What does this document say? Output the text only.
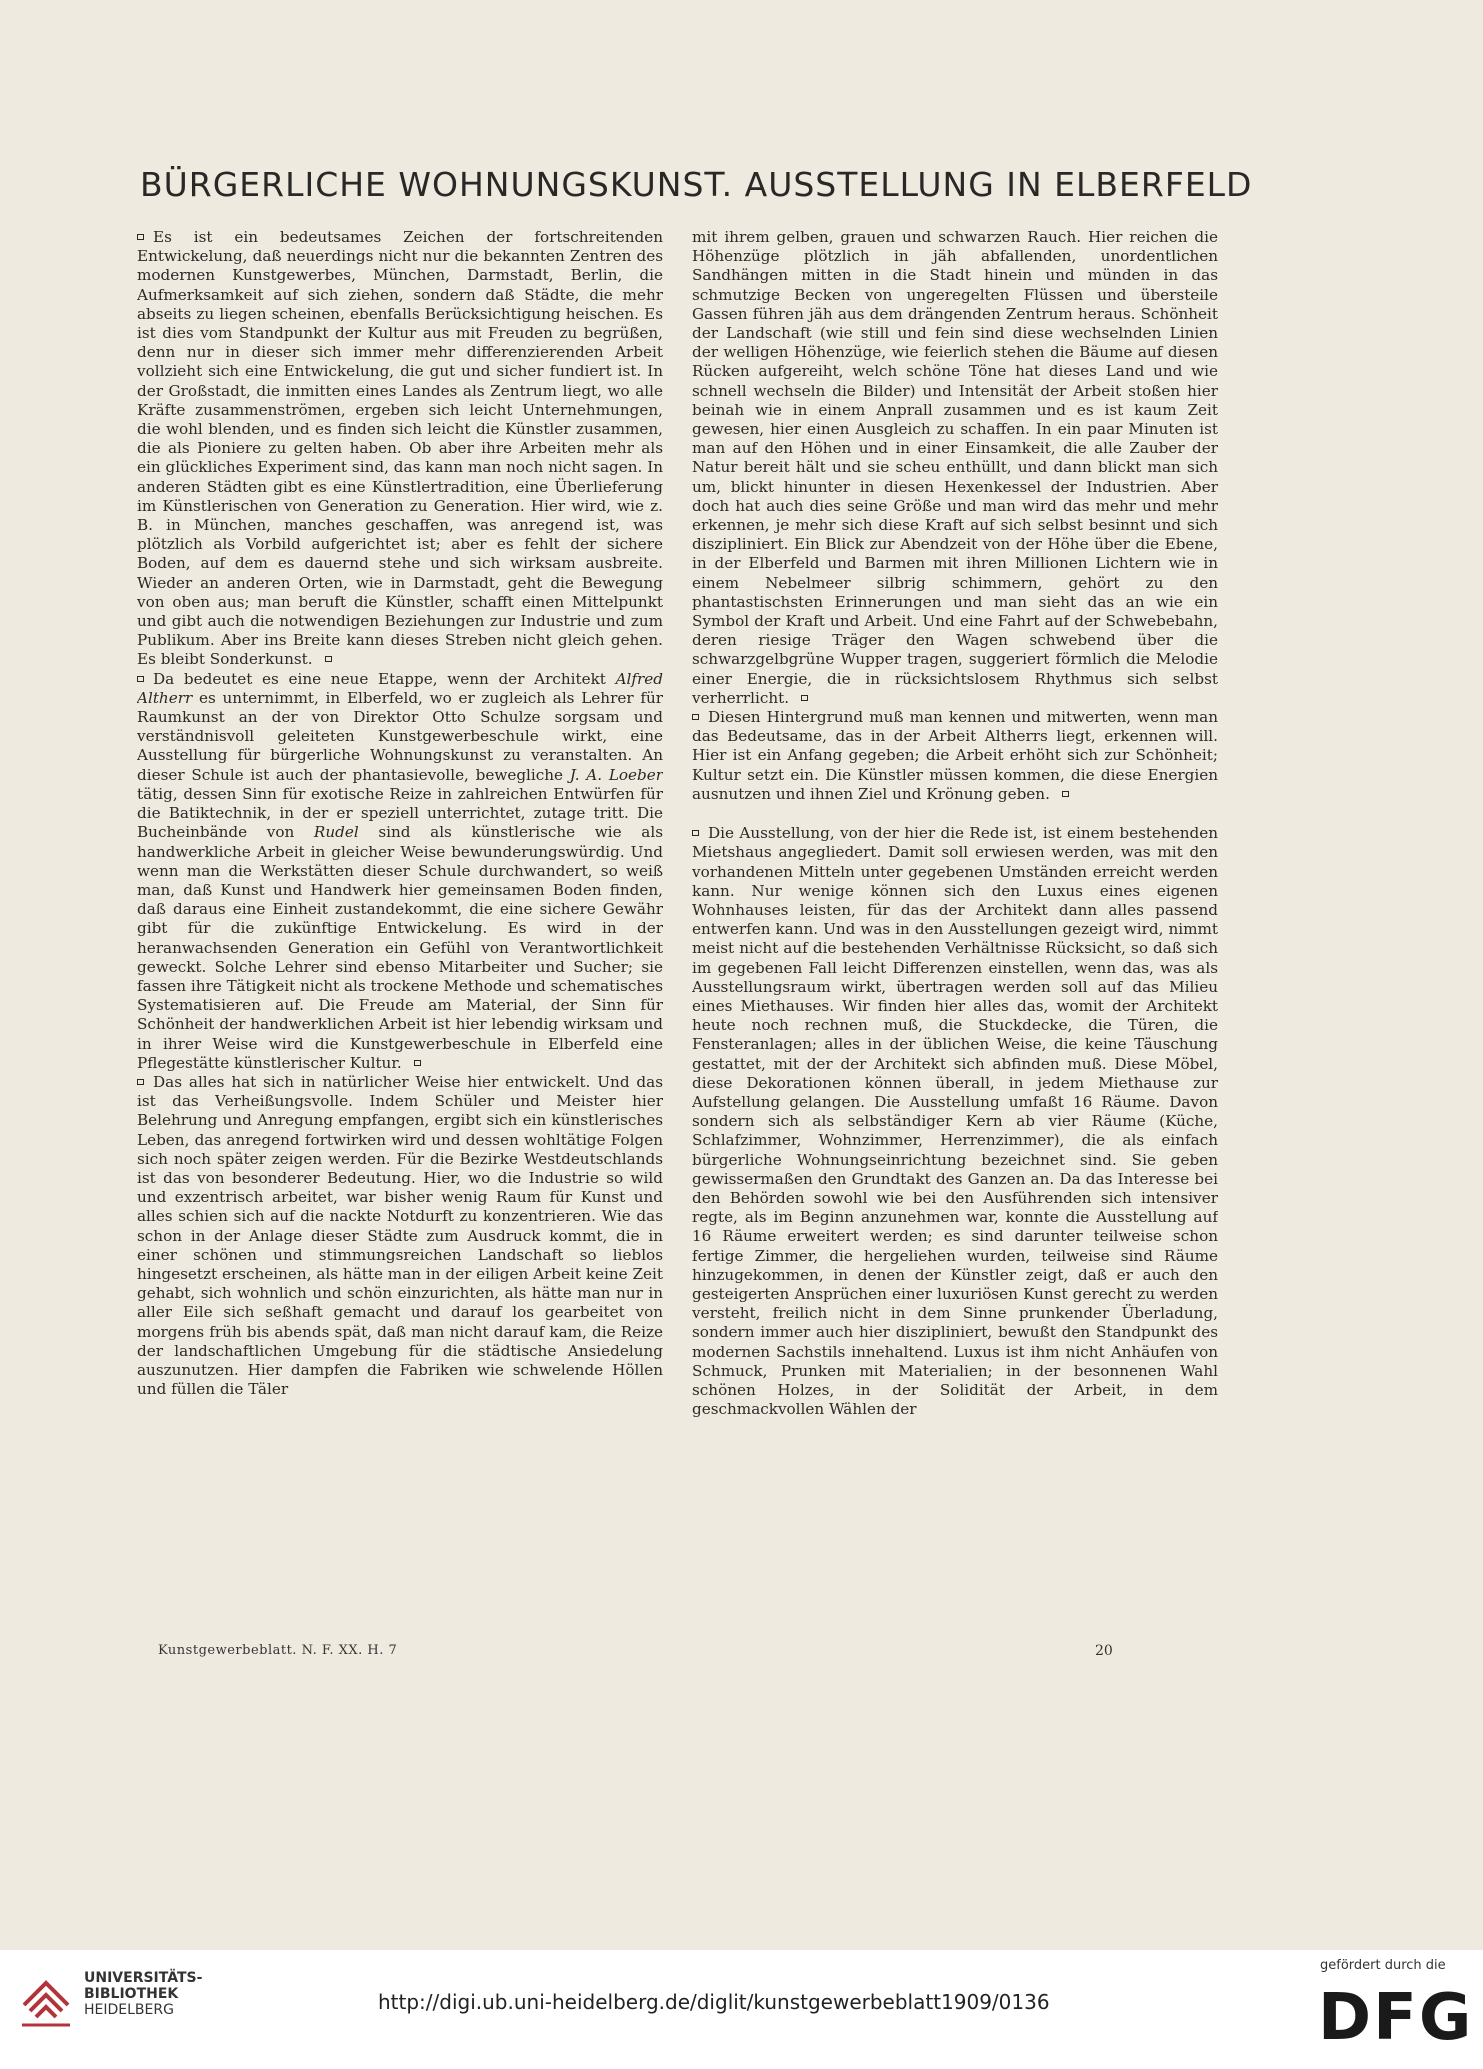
BÜRGERLICHE WOHNUNGSKUNST. AUSSTELLUNG IN ELBERFELD

Es ist ein bedeutsames Zeichen der fortschreitenden Entwickelung, daß neuerdings nicht nur die bekannten Zentren des modernen Kunstgewerbes, München, Darmstadt, Berlin, die Aufmerksamkeit auf sich ziehen, sondern daß Städte, die mehr abseits zu liegen scheinen, ebenfalls Berücksichtigung heischen. Es ist dies vom Standpunkt der Kultur aus mit Freuden zu begrüßen, denn nur in dieser sich immer mehr differenzierenden Arbeit vollzieht sich eine Entwickelung, die gut und sicher fundiert ist. In der Großstadt, die inmitten eines Landes als Zentrum liegt, wo alle Kräfte zusammenströmen, ergeben sich leicht Unternehmungen, die wohl blenden, und es finden sich leicht die Künstler zusammen, die als Pioniere zu gelten haben. Ob aber ihre Arbeiten mehr als ein glückliches Experiment sind, das kann man noch nicht sagen. In anderen Städten gibt es eine Künstlertradition, eine Überlieferung im Künstlerischen von Generation zu Generation. Hier wird, wie z. B. in München, manches geschaffen, was anregend ist, was plötzlich als Vorbild aufgerichtet ist; aber es fehlt der sichere Boden, auf dem es dauernd stehe und sich wirksam ausbreite. Wieder an anderen Orten, wie in Darmstadt, geht die Bewegung von oben aus; man beruft die Künstler, schafft einen Mittelpunkt und gibt auch die notwendigen Beziehungen zur Industrie und zum Publikum. Aber ins Breite kann dieses Streben nicht gleich gehen. Es bleibt Sonderkunst.

Da bedeutet es eine neue Etappe, wenn der Architekt Alfred Altherr es unternimmt, in Elberfeld, wo er zugleich als Lehrer für Raumkunst an der von Direktor Otto Schulze sorgsam und verständnisvoll geleiteten Kunstgewerbeschule wirkt, eine Ausstellung für bürgerliche Wohnungskunst zu veranstalten. An dieser Schule ist auch der phantasievolle, bewegliche J. A. Loeber tätig, dessen Sinn für exotische Reize in zahlreichen Entwürfen für die Batiktechnik, in der er speziell unterrichtet, zutage tritt. Die Bucheinbände von Rudel sind als künstlerische wie als handwerkliche Arbeit in gleicher Weise bewunderungswürdig. Und wenn man die Werkstätten dieser Schule durchwandert, so weiß man, daß Kunst und Handwerk hier gemeinsamen Boden finden, daß daraus eine Einheit zustandekommt, die eine sichere Gewähr gibt für die zukünftige Entwickelung. Es wird in der heranwachsenden Generation ein Gefühl von Verantwortlichkeit geweckt. Solche Lehrer sind ebenso Mitarbeiter und Sucher; sie fassen ihre Tätigkeit nicht als trockene Methode und schematisches Systematisieren auf. Die Freude am Material, der Sinn für Schönheit der handwerklichen Arbeit ist hier lebendig wirksam und in ihrer Weise wird die Kunstgewerbeschule in Elberfeld eine Pflegestätte künstlerischer Kultur.

Das alles hat sich in natürlicher Weise hier entwickelt. Und das ist das Verheißungsvolle. Indem Schüler und Meister hier Belehrung und Anregung empfangen, ergibt sich ein künstlerisches Leben, das anregend fortwirken wird und dessen wohltätige Folgen sich noch später zeigen werden. Für die Bezirke Westdeutschlands ist das von besonderer Bedeutung. Hier, wo die Industrie so wild und exzentrisch arbeitet, war bisher wenig Raum für Kunst und alles schien sich auf die nackte Notdurft zu konzentrieren. Wie das schon in der Anlage dieser Städte zum Ausdruck kommt, die in einer schönen und stimmungsreichen Landschaft so lieblos hingesetzt erscheinen, als hätte man in der eiligen Arbeit keine Zeit gehabt, sich wohnlich und schön einzurichten, als hätte man nur in aller Eile sich seßhaft gemacht und darauf los gearbeitet von morgens früh bis abends spät, daß man nicht darauf kam, die Reize der landschaftlichen Umgebung für die städtische Ansiedelung auszunutzen. Hier dampfen die Fabriken wie schwelende Höllen und füllen die Täler

mit ihrem gelben, grauen und schwarzen Rauch. Hier reichen die Höhenzüge plötzlich in jäh abfallenden, unordentlichen Sandhängen mitten in die Stadt hinein und münden in das schmutzige Becken von ungeregelten Flüssen und übersteile Gassen führen jäh aus dem drängenden Zentrum heraus. Schönheit der Landschaft (wie still und fein sind diese wechselnden Linien der welligen Höhenzüge, wie feierlich stehen die Bäume auf diesen Rücken aufgereiht, welch schöne Töne hat dieses Land und wie schnell wechseln die Bilder) und Intensität der Arbeit stoßen hier beinah wie in einem Anprall zusammen und es ist kaum Zeit gewesen, hier einen Ausgleich zu schaffen. In ein paar Minuten ist man auf den Höhen und in einer Einsamkeit, die alle Zauber der Natur bereit hält und sie scheu enthüllt, und dann blickt man sich um, blickt hinunter in diesen Hexenkessel der Industrien. Aber doch hat auch dies seine Größe und man wird das mehr und mehr erkennen, je mehr sich diese Kraft auf sich selbst besinnt und sich diszipliniert. Ein Blick zur Abendzeit von der Höhe über die Ebene, in der Elberfeld und Barmen mit ihren Millionen Lichtern wie in einem Nebelmeer silbrig schimmern, gehört zu den phantastischsten Erinnerungen und man sieht das an wie ein Symbol der Kraft und Arbeit. Und eine Fahrt auf der Schwebebahn, deren riesige Träger den Wagen schwebend über die schwarzgelbgrüne Wupper tragen, suggeriert förmlich die Melodie einer Energie, die in rücksichtslosem Rhythmus sich selbst verherrlicht.

Diesen Hintergrund muß man kennen und mitwerten, wenn man das Bedeutsame, das in der Arbeit Altherrs liegt, erkennen will. Hier ist ein Anfang gegeben; die Arbeit erhöht sich zur Schönheit; Kultur setzt ein. Die Künstler müssen kommen, die diese Energien ausnutzen und ihnen Ziel und Krönung geben.

Die Ausstellung, von der hier die Rede ist, ist einem bestehenden Mietshaus angegliedert. Damit soll erwiesen werden, was mit den vorhandenen Mitteln unter gegebenen Umständen erreicht werden kann. Nur wenige können sich den Luxus eines eigenen Wohnhauses leisten, für das der Architekt dann alles passend entwerfen kann. Und was in den Ausstellungen gezeigt wird, nimmt meist nicht auf die bestehenden Verhältnisse Rücksicht, so daß sich im gegebenen Fall leicht Differenzen einstellen, wenn das, was als Ausstellungsraum wirkt, übertragen werden soll auf das Milieu eines Miethauses. Wir finden hier alles das, womit der Architekt heute noch rechnen muß, die Stuckdecke, die Türen, die Fensteranlagen; alles in der üblichen Weise, die keine Täuschung gestattet, mit der der Architekt sich abfinden muß. Diese Möbel, diese Dekorationen können überall, in jedem Miethause zur Aufstellung gelangen. Die Ausstellung umfaßt 16 Räume. Davon sondern sich als selbständiger Kern ab vier Räume (Küche, Schlafzimmer, Wohnzimmer, Herrenzimmer), die als einfach bürgerliche Wohnungseinrichtung bezeichnet sind. Sie geben gewissermaßen den Grundtakt des Ganzen an. Da das Interesse bei den Behörden sowohl wie bei den Ausführenden sich intensiver regte, als im Beginn anzunehmen war, konnte die Ausstellung auf 16 Räume erweitert werden; es sind darunter teilweise schon fertige Zimmer, die hergeliehen wurden, teilweise sind Räume hinzugekommen, in denen der Künstler zeigt, daß er auch den gesteigerten Ansprüchen einer luxuriösen Kunst gerecht zu werden versteht, freilich nicht in dem Sinne prunkender Überladung, sondern immer auch hier diszipliniert, bewußt den Standpunkt des modernen Sachstils innehaltend. Luxus ist ihm nicht Anhäufen von Schmuck, Prunken mit Materialien; in der besonnenen Wahl schönen Holzes, in der Solidität der Arbeit, in dem geschmackvollen Wählen der

Kunstgewerbeblatt. N. F. XX. H. 7	20
UNIVERSITÄTS-
BIBLIOTHEK
HEIDELBERG	http://digi.ub.uni-heidelberg.de/diglit/kunstgewerbeblatt1909/0136
gefördert durch die
DFG
